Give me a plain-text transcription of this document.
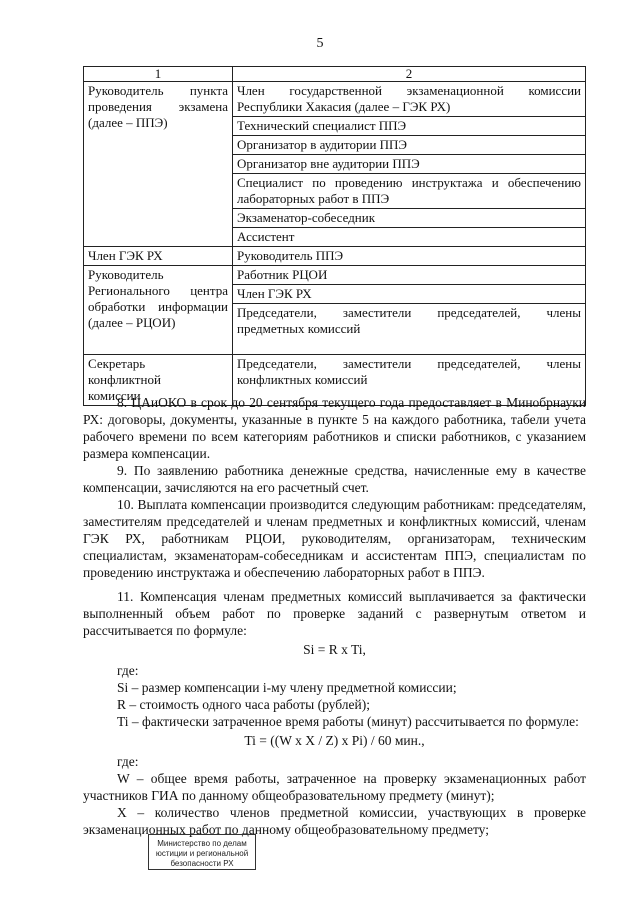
5
1	2
Руководитель пункта проведения экзамена (далее – ППЭ)	Член государственной экзаменационной комиссии Республики Хакасия (далее – ГЭК РХ)
	Технический специалист ППЭ
	Организатор в аудитории ППЭ
	Организатор вне аудитории ППЭ
	Специалист по проведению инструктажа и обеспечению лабораторных работ в ППЭ
	Экзаменатор-собеседник
	Ассистент
Член ГЭК РХ	Руководитель ППЭ
Руководитель Регионального центра обработки информации (далее – РЦОИ)	Работник РЦОИ
	Член ГЭК РХ
	Председатели, заместители председателей, члены предметных комиссий
Секретарь конфликтной комиссии	Председатели, заместители председателей, члены конфликтных комиссий

8. ЦАиОКО в срок до 20 сентября текущего года предоставляет в Минобрнауки РХ: договоры, документы, указанные в пункте 5 на каждого работника, табели учета рабочего времени по всем категориям работников и списки работников, с указанием размера компенсации.

9. По заявлению работника денежные средства, начисленные ему в качестве компенсации, зачисляются на его расчетный счет.

10. Выплата компенсации производится следующим работникам: председателям, заместителям председателей и членам предметных и конфликтных комиссий, членам ГЭК РХ, работникам РЦОИ, руководителям, организаторам, техническим специалистам, экзаменаторам-собеседникам и ассистентам ППЭ, специалистам по проведению инструктажа и обеспечению лабораторных работ в ППЭ.

11. Компенсация членам предметных комиссий выплачивается за фактически выполненный объем работ по проверке заданий с развернутым ответом и рассчитывается по формуле:

Si = R x Ti,

где:

Si – размер компенсации i-му члену предметной комиссии;

R – стоимость одного часа работы (рублей);

Ti – фактически затраченное время работы (минут) рассчитывается по формуле:

Ti = ((W x X / Z) x Pi) / 60 мин.,

где:

W – общее время работы, затраченное на проверку экзаменационных работ участников ГИА по данному общеобразовательному предмету (минут);

X – количество членов предметной комиссии, участвующих в проверке экзаменационных работ по данному общеобразовательному предмету;

Министерство по делам
юстиции и региональной
безопасности РХ
